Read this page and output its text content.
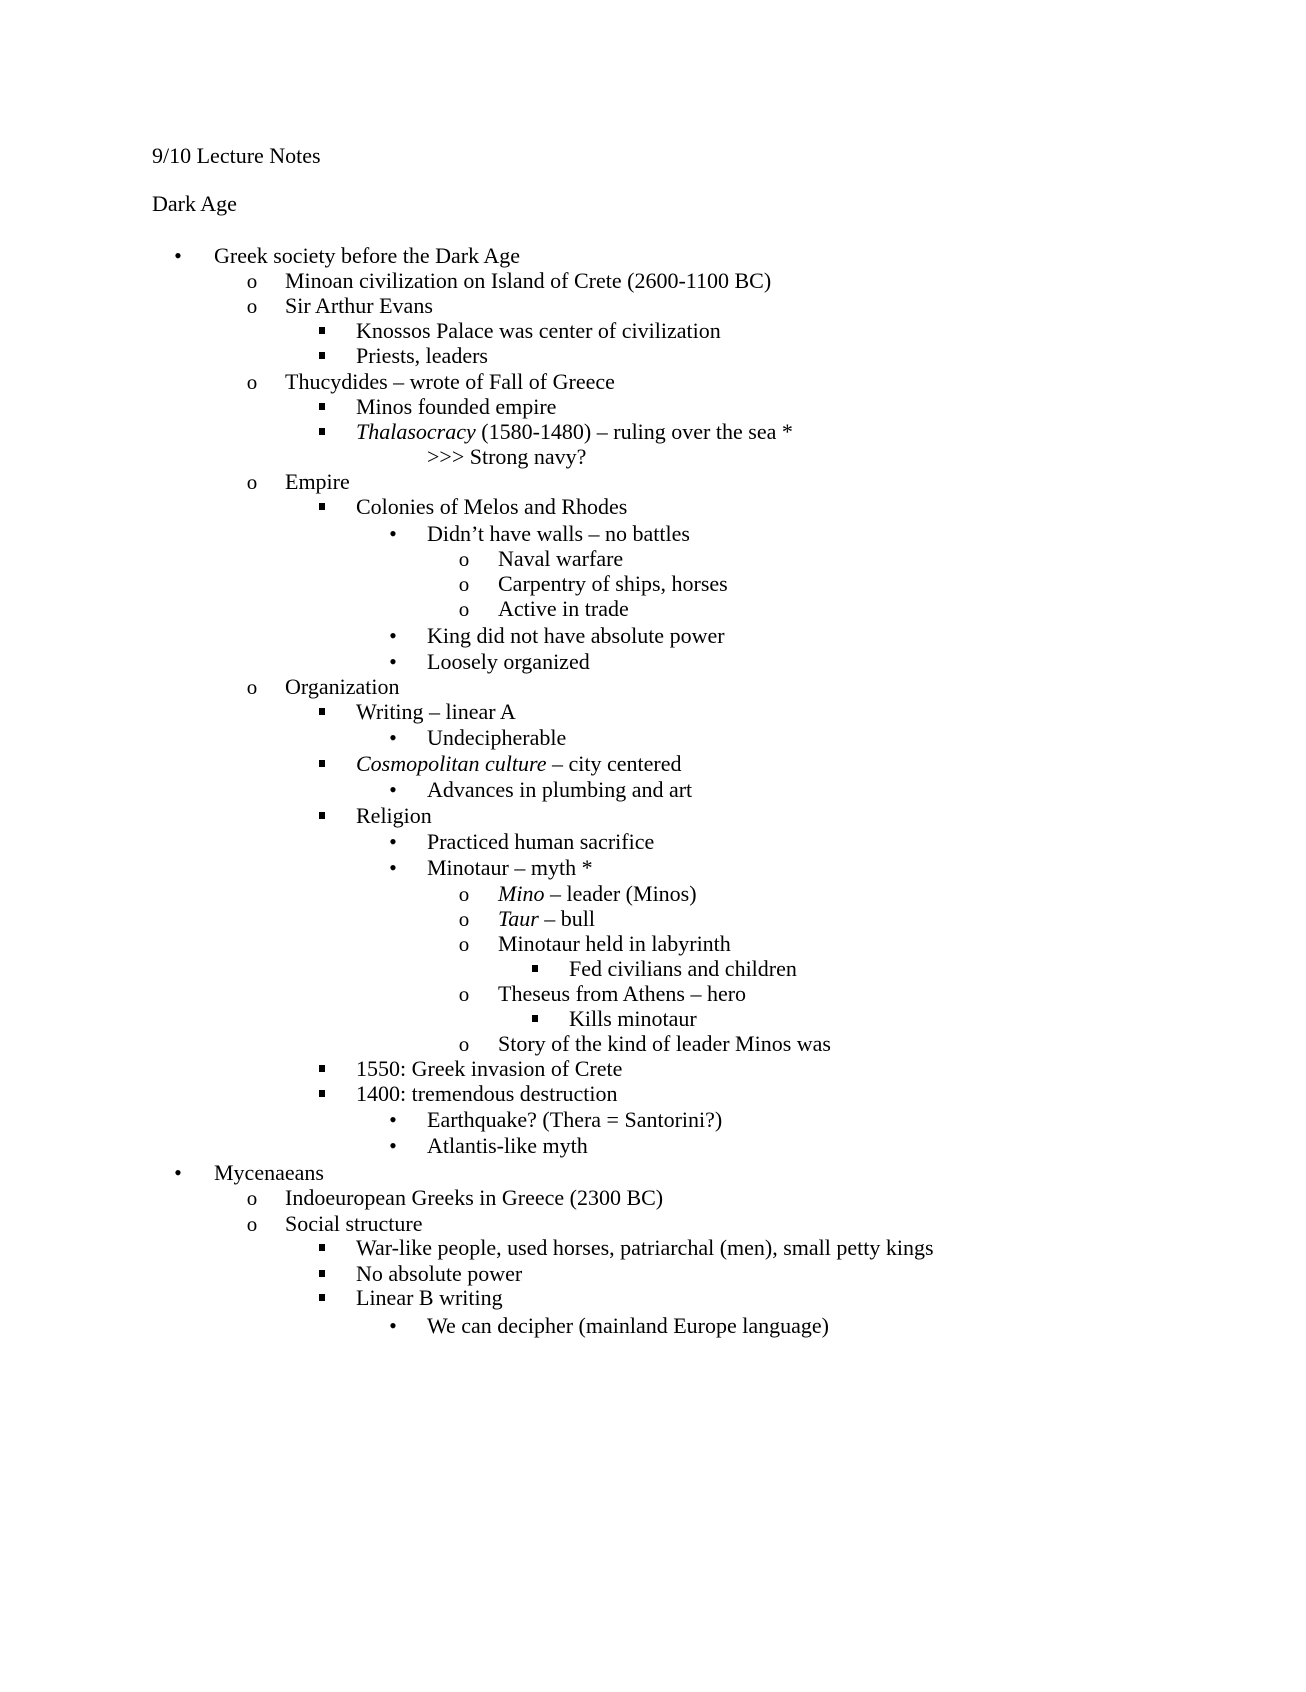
9/10 Lecture Notes
Dark Age
• Greek society before the Dark Age
o Minoan civilization on Island of Crete (2600-1100 BC)
o Sir Arthur Evans
Knossos Palace was center of civilization
Priests, leaders
o Thucydides – wrote of Fall of Greece
Minos founded empire
Thalasocracy (1580-1480) – ruling over the sea *
>>> Strong navy?
o Empire
Colonies of Melos and Rhodes
• Didn’t have walls – no battles
o Naval warfare
o Carpentry of ships, horses
o Active in trade
• King did not have absolute power
• Loosely organized
o Organization
Writing – linear A
• Undecipherable
Cosmopolitan culture – city centered
• Advances in plumbing and art
Religion
• Practiced human sacrifice
• Minotaur – myth *
o Mino – leader (Minos)
o Taur – bull
o Minotaur held in labyrinth
Fed civilians and children
o Theseus from Athens – hero
Kills minotaur
o Story of the kind of leader Minos was
1550: Greek invasion of Crete
1400: tremendous destruction
• Earthquake? (Thera = Santorini?)
• Atlantis-like myth
• Mycenaeans
o Indoeuropean Greeks in Greece (2300 BC)
o Social structure
War-like people, used horses, patriarchal (men), small petty kings
No absolute power
Linear B writing
• We can decipher (mainland Europe language)
